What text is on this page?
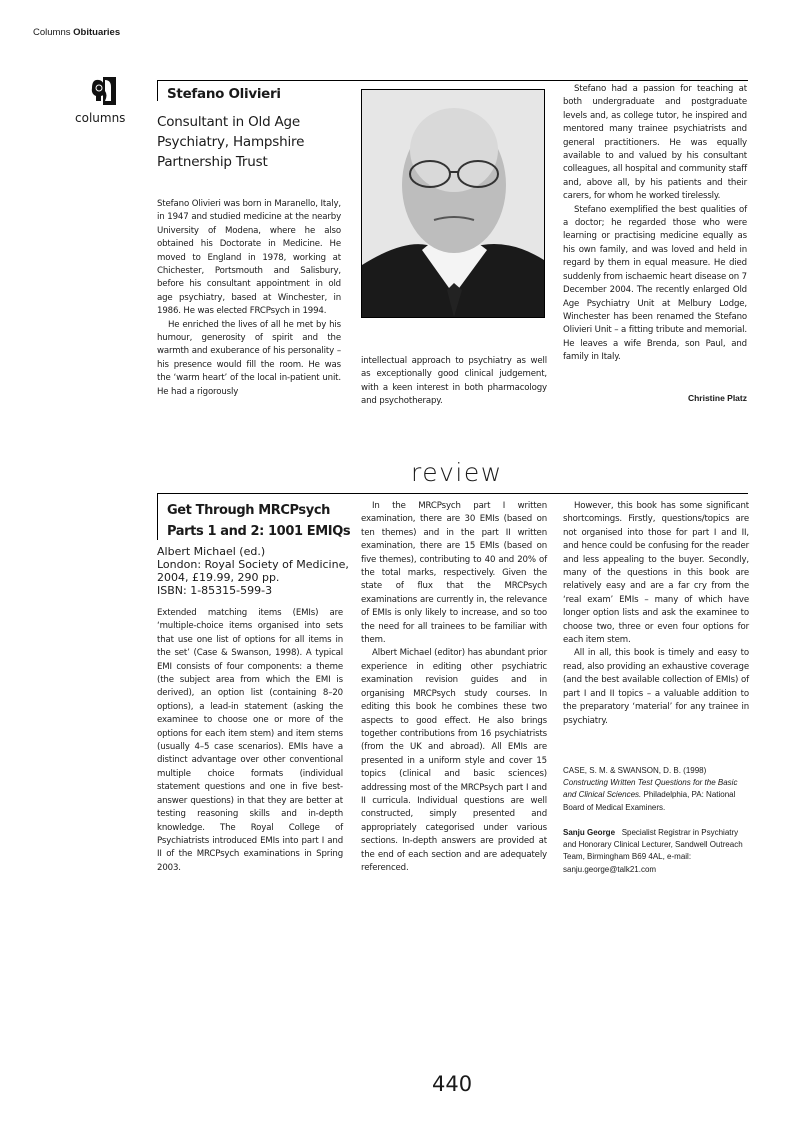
Columns Obituaries
columns
Stefano Olivieri
Consultant in Old Age Psychiatry, Hampshire Partnership Trust

Stefano Olivieri was born in Maranello, Italy, in 1947 and studied medicine at the nearby University of Modena, where he also obtained his Doctorate in Medicine. He moved to England in 1978, working at Chichester, Portsmouth and Salisbury, before his consultant appointment in old age psychiatry, based at Winchester, in 1986. He was elected FRCPsych in 1994.

He enriched the lives of all he met by his humour, generosity of spirit and the warmth and exuberance of his personality – his presence would fill the room. He was the ‘warm heart’ of the local in-patient unit. He had a rigorously

intellectual approach to psychiatry as well as exceptionally good clinical judgement, with a keen interest in both pharmacology and psychotherapy.

Stefano had a passion for teaching at both undergraduate and postgraduate levels and, as college tutor, he inspired and mentored many trainee psychiatrists and general practitioners. He was equally available to and valued by his consultant colleagues, all hospital and community staff and, above all, by his patients and their carers, for whom he worked tirelessly.

Stefano exemplified the best qualities of a doctor; he regarded those who were learning or practising medicine equally as his own family, and was loved and held in regard by them in equal measure. He died suddenly from ischaemic heart disease on 7 December 2004. The recently enlarged Old Age Psychiatry Unit at Melbury Lodge, Winchester has been renamed the Stefano Olivieri Unit – a fitting tribute and memorial. He leaves a wife Brenda, son Paul, and family in Italy.

Christine Platz
review
Get Through MRCPsych Parts 1 and 2: 1001 EMIQs
Albert Michael (ed.)
London: Royal Society of Medicine, 2004, £19.99, 290 pp.
ISBN: 1-85315-599-3

Extended matching items (EMIs) are ‘multiple-choice items organised into sets that use one list of options for all items in the set’ (Case & Swanson, 1998). A typical EMI consists of four components: a theme (the subject area from which the EMI is derived), an option list (containing 8–20 options), a lead-in statement (asking the examinee to choose one or more of the options for each item stem) and item stems (usually 4–5 case scenarios). EMIs have a distinct advantage over other conventional multiple choice formats (individual statement questions and one in five best-answer questions) in that they are better at testing reasoning skills and in-depth knowledge. The Royal College of Psychiatrists introduced EMIs into part I and II of the MRCPsych examinations in Spring 2003.

In the MRCPsych part I written examination, there are 30 EMIs (based on ten themes) and in the part II written examination, there are 15 EMIs (based on five themes), contributing to 40 and 20% of the total marks, respectively. Given the state of flux that the MRCPsych examinations are currently in, the relevance of EMIs is only likely to increase, and so too the need for all trainees to be familiar with them.

Albert Michael (editor) has abundant prior experience in editing other psychiatric examination revision guides and in organising MRCPsych study courses. In editing this book he combines these two aspects to good effect. He also brings together contributions from 16 psychiatrists (from the UK and abroad). All EMIs are presented in a uniform style and cover 15 topics (clinical and basic sciences) addressing most of the MRCPsych part I and II curricula. Individual questions are well constructed, simply presented and appropriately categorised under various sections. In-depth answers are provided at the end of each section and are adequately referenced.

However, this book has some significant shortcomings. Firstly, questions/topics are not organised into those for part I and II, and hence could be confusing for the reader and less appealing to the buyer. Secondly, many of the questions in this book are relatively easy and are a far cry from the ‘real exam’ EMIs – many of which have longer option lists and ask the examinee to choose two, three or even four options for each item stem.

All in all, this book is timely and easy to read, also providing an exhaustive coverage (and the best available collection of EMIs) of part I and II topics – a valuable addition to the preparatory ‘material’ for any trainee in psychiatry.

CASE, S. M. & SWANSON, D. B. (1998) Constructing Written Test Questions for the Basic and Clinical Sciences. Philadelphia, PA: National Board of Medical Examiners.
Sanju George Specialist Registrar in Psychiatry and Honorary Clinical Lecturer, Sandwell Outreach Team, Birmingham B69 4AL, e-mail: sanju.george@talk21.com
440
